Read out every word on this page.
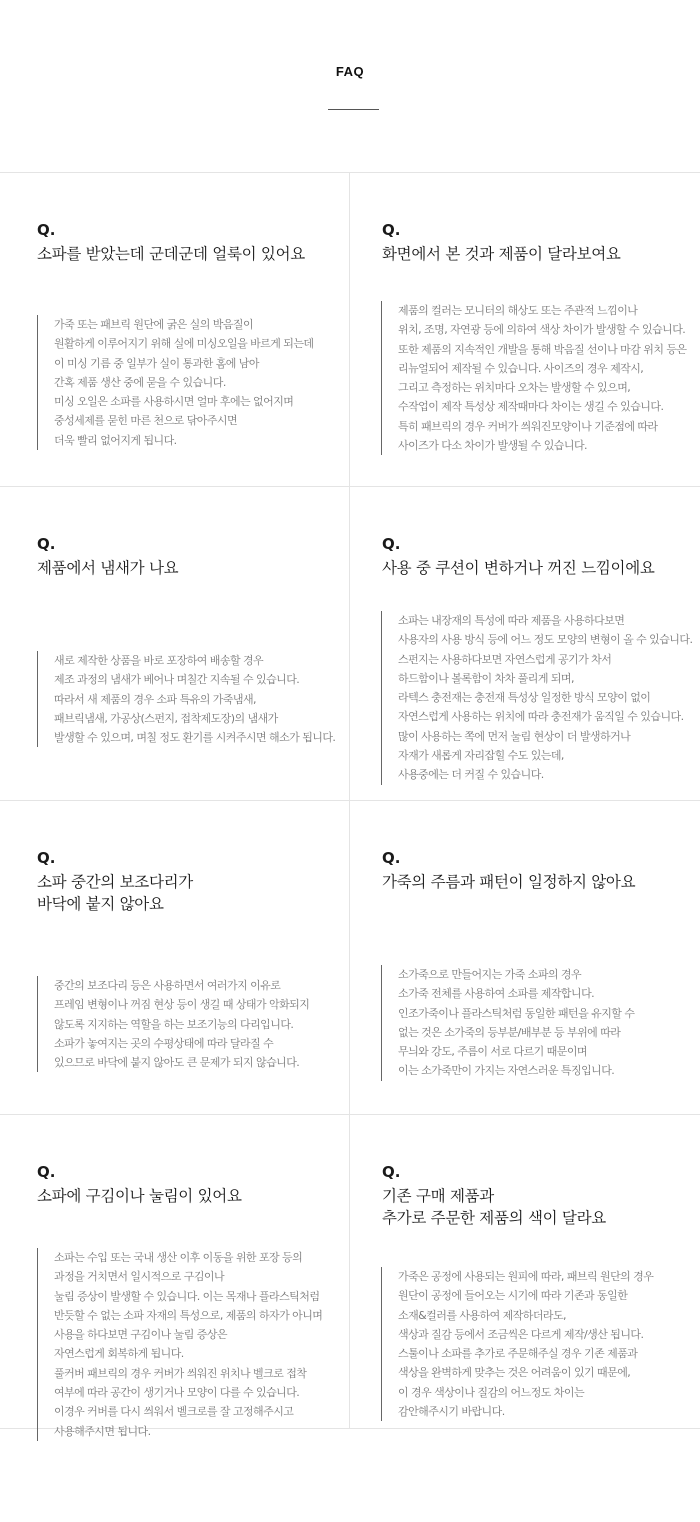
FAQ
Q.
소파를 받았는데 군데군데 얼룩이 있어요
가죽 또는 패브릭 원단에 굵은 실의 박음질이
원활하게 이루어지기 위해 실에 미싱오일을 바르게 되는데
이 미싱 기름 중 일부가 실이 통과한 홈에 남아
간혹 제품 생산 중에 묻을 수 있습니다.
미싱 오일은 소파를 사용하시면 얼마 후에는 없어지며
중성세제를 묻힌 마른 천으로 닦아주시면
더욱 빨리 없어지게 됩니다.
Q.
화면에서 본 것과 제품이 달라보여요
제품의 컬러는 모니터의 해상도 또는 주관적 느낌이나
위치, 조명, 자연광 등에 의하여 색상 차이가 발생할 수 있습니다.
또한 제품의 지속적인 개발을 통해 박음질 선이나 마감 위치 등은
리뉴얼되어 제작될 수 있습니다. 사이즈의 경우 제작시,
그리고 측정하는 위치마다 오차는 발생할 수 있으며,
수작업이 제작 특성상 제작때마다 차이는 생길 수 있습니다.
특히 패브릭의 경우 커버가 씌워진모양이나 기준점에 따라
사이즈가 다소 차이가 발생될 수 있습니다.
Q.
제품에서 냄새가 나요
새로 제작한 상품을 바로 포장하여 배송할 경우
제조 과정의 냄새가 베어나 며칠간 지속될 수 있습니다.
따라서 새 제품의 경우 소파 특유의 가죽냄새,
패브릭냄새, 가공상(스펀지, 접착제도장)의 냄새가
발생할 수 있으며, 며칠 정도 환기를 시켜주시면 해소가 됩니다.
Q.
사용 중 쿠션이 변하거나 꺼진 느낌이에요
소파는 내장재의 특성에 따라 제품을 사용하다보면
사용자의 사용 방식 등에 어느 정도 모양의 변형이 올 수 있습니다.
스펀지는 사용하다보면 자연스럽게 공기가 차서
하드함이나 볼록함이 차차 풀리게 되며,
라텍스 충전재는 충전재 특성상 일정한 방식 모양이 없이
자연스럽게 사용하는 위치에 따라 충전재가 움직일 수 있습니다.
많이 사용하는 쪽에 먼저 눌림 현상이 더 발생하거나
자재가 새롭게 자리잡힐 수도 있는데,
사용중에는 더 커질 수 있습니다.
Q.
소파 중간의 보조다리가
바닥에 붙지 않아요
중간의 보조다리 등은 사용하면서 여러가지 이유로
프레임 변형이나 꺼짐 현상 등이 생길 때 상태가 악화되지
않도록 지지하는 역할을 하는 보조기능의 다리입니다.
소파가 놓여지는 곳의 수평상태에 따라 달라질 수
있으므로 바닥에 붙지 않아도 큰 문제가 되지 않습니다.
Q.
가죽의 주름과 패턴이 일정하지 않아요
소가죽으로 만들어지는 가죽 소파의 경우
소가죽 전체를 사용하여 소파를 제작합니다.
인조가죽이나 플라스틱처럼 동일한 패턴을 유지할 수
없는 것은 소가죽의 등부분/배부분 등 부위에 따라
무늬와 강도, 주름이 서로 다르기 때문이며
이는 소가죽만이 가지는 자연스러운 특징입니다.
Q.
소파에 구김이나 눌림이 있어요
소파는 수입 또는 국내 생산 이후 이동을 위한 포장 등의
과정을 거치면서 일시적으로 구김이나
눌림 증상이 발생할 수 있습니다. 이는 목재나 플라스틱처럼
반듯할 수 없는 소파 자재의 특성으로, 제품의 하자가 아니며
사용을 하다보면 구김이나 눌림 증상은
자연스럽게 회복하게 됩니다.
풀커버 패브릭의 경우 커버가 씌워진 위치나 벨크로 접착
여부에 따라 공간이 생기거나 모양이 다를 수 있습니다.
이경우 커버를 다시 씌워서 벨크로를 잘 고정해주시고
사용해주시면 됩니다.
Q.
기존 구매 제품과
추가로 주문한 제품의 색이 달라요
가죽은 공정에 사용되는 원피에 따라, 패브릭 원단의 경우
원단이 공정에 들어오는 시기에 따라 기존과 동일한
소재&컬러를 사용하여 제작하더라도,
색상과 질감 등에서 조금씩은 다르게 제작/생산 됩니다.
스툴이나 소파를 추가로 주문해주실 경우 기존 제품과
색상을 완벽하게 맞추는 것은 어려움이 있기 때문에,
이 경우 색상이나 질감의 어느정도 차이는
감안해주시기 바랍니다.
